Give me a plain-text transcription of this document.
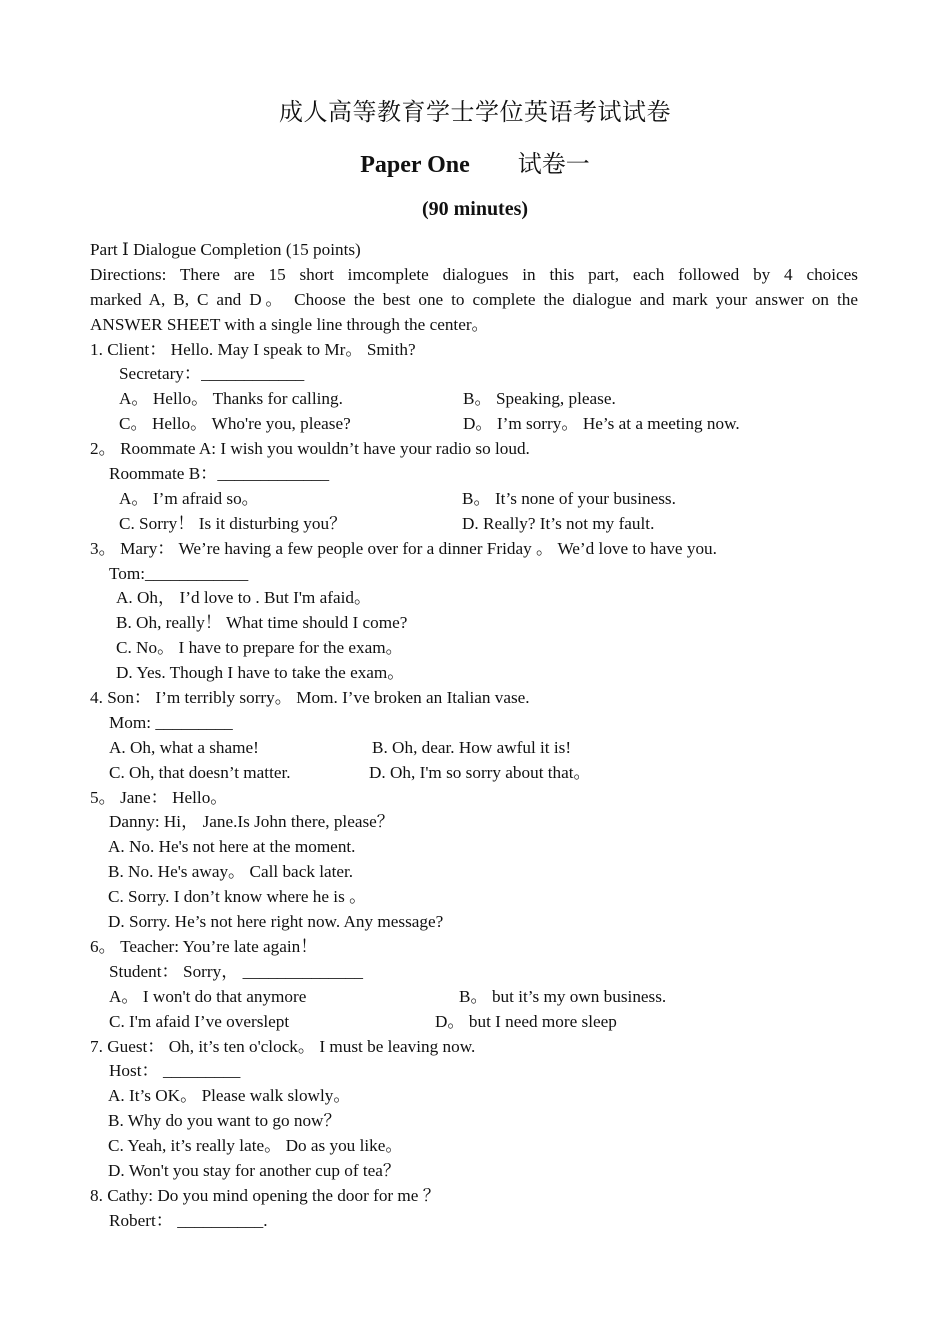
成人高等教育学士学位英语考试试卷
Paper One 试卷一
(90 minutes)
Part Ⅰ Dialogue Completion (15 points)
Directions: There are 15 short imcomplete dialogues in this part, each followed by 4 choices
marked A, B, C and D。 Choose the best one to complete the dialogue and mark your answer on the
ANSWER SHEET with a single line through the center。
1. Client： Hello. May I speak to Mr。 Smith?
Secretary：____________
A。 Hello。 Thanks for calling.	B。 Speaking, please.
C。 Hello。 Who're you, please?	D。 I’m sorry。 He’s at a meeting now.
2。 Roommate A: I wish you wouldn’t have your radio so loud.
Roommate B：_____________
A。 I’m afraid so。	B。 It’s none of your business.
C. Sorry！ Is it disturbing you？	D. Really? It’s not my fault.
3。 Mary： We’re having a few people over for a dinner Friday 。 We’d love to have you.
Tom:____________
A. Oh， I’d love to . But I'm afaid。
B. Oh, really！ What time should I come?
C. No。 I have to prepare for the exam。
D. Yes. Though I have to take the exam。
4. Son： I’m terribly sorry。 Mom. I’ve broken an Italian vase.
Mom: _________
A. Oh, what a shame!	B. Oh, dear. How awful it is!
C. Oh, that doesn’t matter.	D. Oh, I'm so sorry about that。
5。 Jane： Hello。
Danny: Hi， Jane.Is John there, please？
A. No. He's not here at the moment.
B. No. He's away。 Call back later.
C. Sorry. I don’t know where he is 。
D. Sorry. He’s not here right now. Any message?
6。 Teacher: You’re late again！
Student： Sorry， ______________
A。 I won't do that anymore	B。 but it’s my own business.
C. I'm afaid I’ve overslept	D。 but I need more sleep
7. Guest： Oh, it’s ten o'clock。 I must be leaving now.
Host： _________
A. It’s OK。 Please walk slowly。
B. Why do you want to go now？
C. Yeah, it’s really late。 Do as you like。
D. Won't you stay for another cup of tea？
8. Cathy: Do you mind opening the door for me ？
Robert： __________.
